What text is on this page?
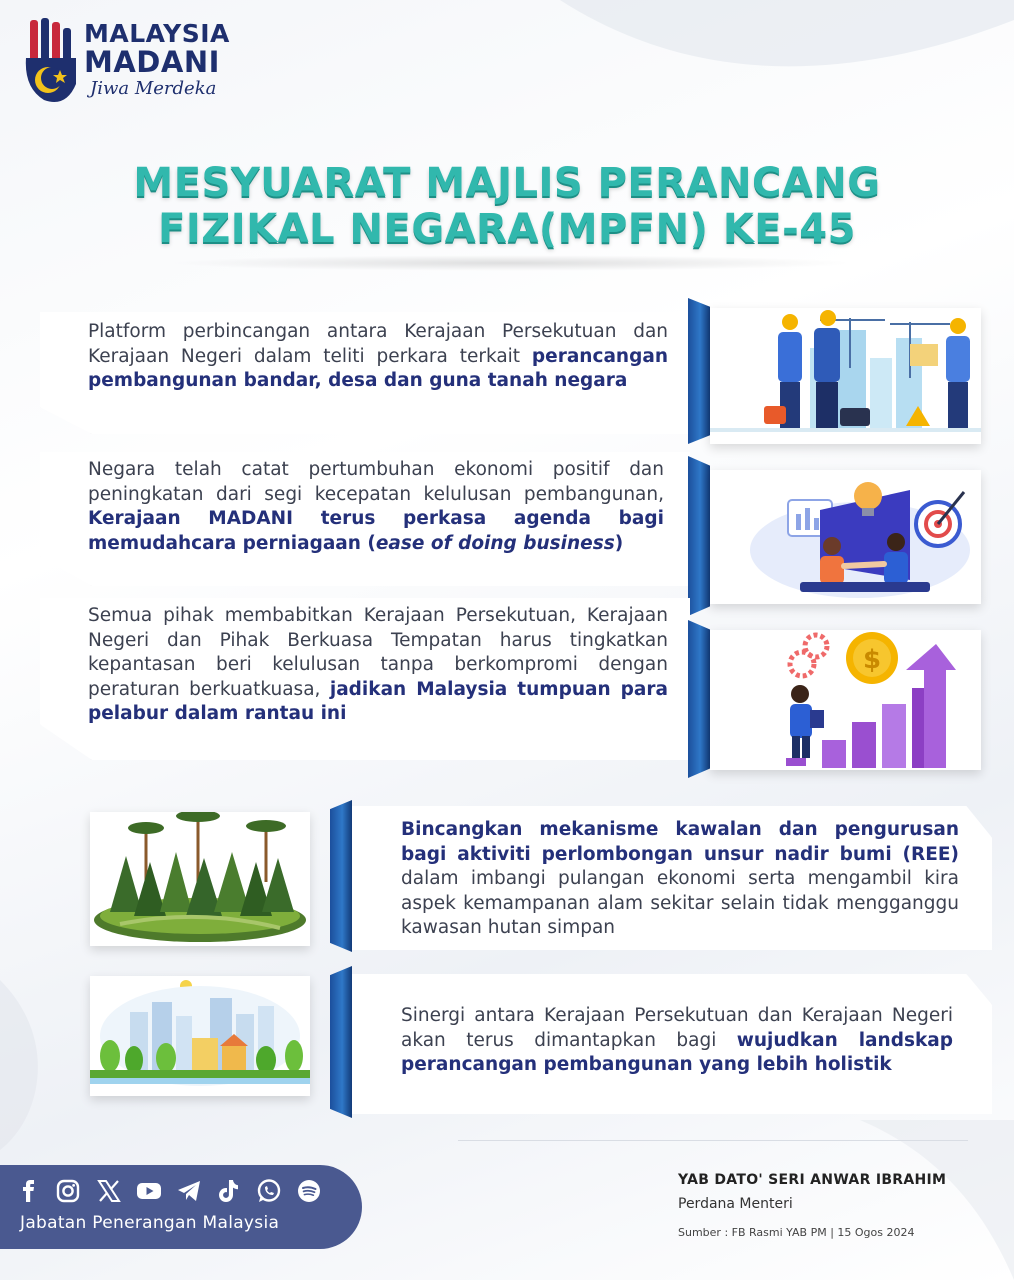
MALAYSIA
MADANI
Jiwa Merdeka
MESYUARAT MAJLIS PERANCANG
FIZIKAL NEGARA(MPFN) KE-45

Platform perbincangan antara Kerajaan Persekutuan dan Kerajaan Negeri dalam teliti perkara terkait perancangan pembangunan bandar, desa dan guna tanah negara

Negara telah catat pertumbuhan ekonomi positif dan peningkatan dari segi kecepatan kelulusan pembangunan, Kerajaan MADANI terus perkasa agenda bagi memudahcara perniagaan (ease of doing business)

Semua pihak membabitkan Kerajaan Persekutuan, Kerajaan Negeri dan Pihak Berkuasa Tempatan harus tingkatkan kepantasan beri kelulusan tanpa berkompromi dengan peraturan berkuatkuasa, jadikan Malaysia tumpuan para pelabur dalam rantau ini

$

Bincangkan mekanisme kawalan dan pengurusan bagi aktiviti perlombongan unsur nadir bumi (REE) dalam imbangi pulangan ekonomi serta mengambil kira aspek kemampanan alam sekitar selain tidak mengganggu kawasan hutan simpan

Sinergi antara Kerajaan Persekutuan dan Kerajaan Negeri akan terus dimantapkan bagi wujudkan landskap perancangan pembangunan yang lebih holistik

Jabatan Penerangan Malaysia
YAB DATO' SERI ANWAR IBRAHIM
Perdana Menteri
Sumber : FB Rasmi YAB PM | 15 Ogos 2024
